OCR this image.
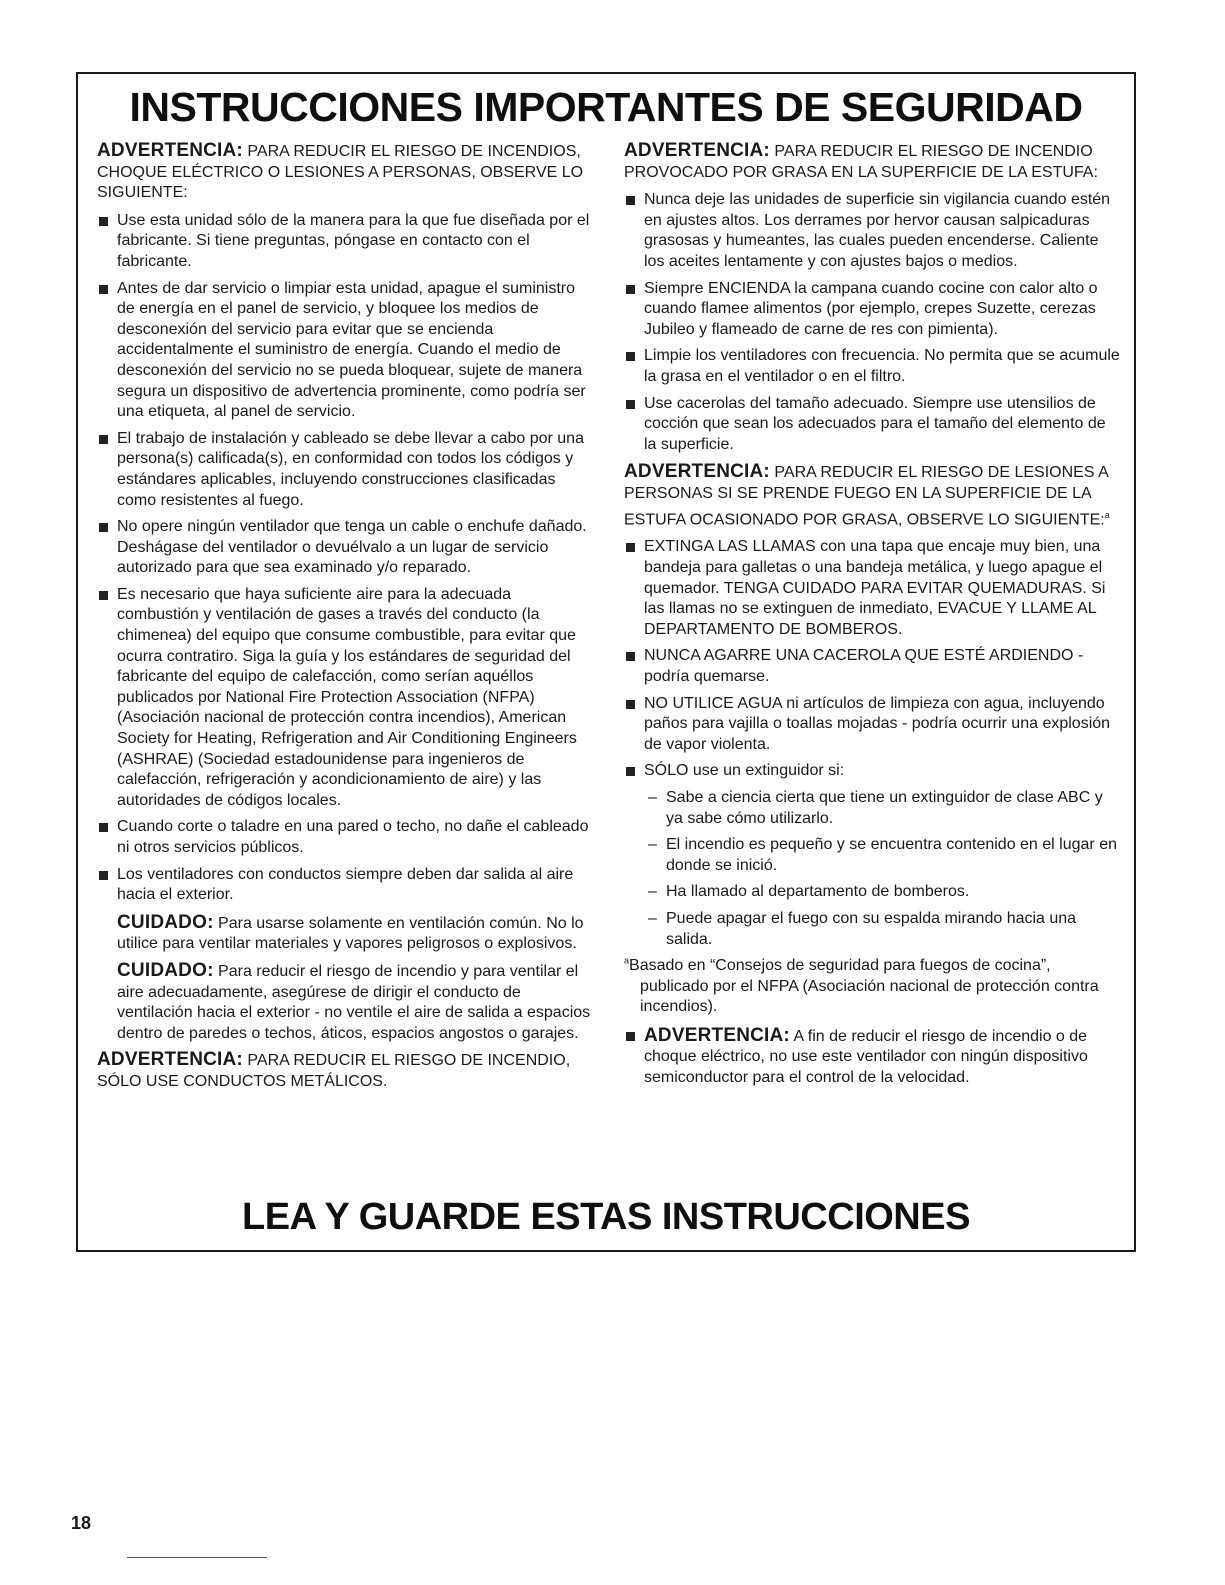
INSTRUCCIONES IMPORTANTES DE SEGURIDAD

ADVERTENCIA: PARA REDUCIR EL RIESGO DE INCENDIOS, CHOQUE ELÉCTRICO O LESIONES A PERSONAS, OBSERVE LO SIGUIENTE:

Use esta unidad sólo de la manera para la que fue diseñada por el fabricante. Si tiene preguntas, póngase en contacto con el fabricante.
Antes de dar servicio o limpiar esta unidad, apague el suministro de energía en el panel de servicio, y bloquee los medios de desconexión del servicio para evitar que se encienda accidentalmente el suministro de energía. Cuando el medio de desconexión del servicio no se pueda bloquear, sujete de manera segura un dispositivo de advertencia prominente, como podría ser una etiqueta, al panel de servicio.
El trabajo de instalación y cableado se debe llevar a cabo por una persona(s) calificada(s), en conformidad con todos los códigos y estándares aplicables, incluyendo construcciones clasificadas como resistentes al fuego.
No opere ningún ventilador que tenga un cable o enchufe dañado. Deshágase del ventilador o devuélvalo a un lugar de servicio autorizado para que sea examinado y/o reparado.
Es necesario que haya suficiente aire para la adecuada combustión y ventilación de gases a través del conducto (la chimenea) del equipo que consume combustible, para evitar que ocurra contratiro. Siga la guía y los estándares de seguridad del fabricante del equipo de calefacción, como serían aquéllos publicados por National Fire Protection Association (NFPA) (Asociación nacional de protección contra incendios), American Society for Heating, Refrigeration and Air Conditioning Engineers (ASHRAE) (Sociedad estadounidense para ingenieros de calefacción, refrigeración y acondicionamiento de aire) y las autoridades de códigos locales.
Cuando corte o taladre en una pared o techo, no dañe el cableado ni otros servicios públicos.
Los ventiladores con conductos siempre deben dar salida al aire hacia el exterior.

CUIDADO: Para usarse solamente en ventilación común. No lo utilice para ventilar materiales y vapores peligrosos o explosivos.

CUIDADO: Para reducir el riesgo de incendio y para ventilar el aire adecuadamente, asegúrese de dirigir el conducto de ventilación hacia el exterior - no ventile el aire de salida a espacios dentro de paredes o techos, áticos, espacios angostos o garajes.

ADVERTENCIA: PARA REDUCIR EL RIESGO DE INCENDIO, SÓLO USE CONDUCTOS METÁLICOS.

ADVERTENCIA: PARA REDUCIR EL RIESGO DE INCENDIO PROVOCADO POR GRASA EN LA SUPERFICIE DE LA ESTUFA:

Nunca deje las unidades de superficie sin vigilancia cuando estén en ajustes altos. Los derrames por hervor causan salpicaduras grasosas y humeantes, las cuales pueden encenderse. Caliente los aceites lentamente y con ajustes bajos o medios.
Siempre ENCIENDA la campana cuando cocine con calor alto o cuando flamee alimentos (por ejemplo, crepes Suzette, cerezas Jubileo y flameado de carne de res con pimienta).
Limpie los ventiladores con frecuencia. No permita que se acumule la grasa en el ventilador o en el filtro.
Use cacerolas del tamaño adecuado. Siempre use utensilios de cocción que sean los adecuados para el tamaño del elemento de la superficie.

ADVERTENCIA: PARA REDUCIR EL RIESGO DE LESIONES A PERSONAS SI SE PRENDE FUEGO EN LA SUPERFICIE DE LA ESTUFA OCASIONADO POR GRASA, OBSERVE LO SIGUIENTE:$^a$

EXTINGA LAS LLAMAS con una tapa que encaje muy bien, una bandeja para galletas o una bandeja metálica, y luego apague el quemador. TENGA CUIDADO PARA EVITAR QUEMADURAS. Si las llamas no se extinguen de inmediato, EVACUE Y LLAME AL DEPARTAMENTO DE BOMBEROS.
NUNCA AGARRE UNA CACEROLA QUE ESTÉ ARDIENDO - podría quemarse.
NO UTILICE AGUA ni artículos de limpieza con agua, incluyendo paños para vajilla o toallas mojadas - podría ocurrir una explosión de vapor violenta.
SÓLO use un extinguidor si:
– Sabe a ciencia cierta que tiene un extinguidor de clase ABC y ya sabe cómo utilizarlo.
– El incendio es pequeño y se encuentra contenido en el lugar en donde se inició.
– Ha llamado al departamento de bomberos.
– Puede apagar el fuego con su espalda mirando hacia una salida.

$^a$Basado en “Consejos de seguridad para fuegos de cocina”, publicado por el NFPA (Asociación nacional de protección contra incendios).

ADVERTENCIA: A fin de reducir el riesgo de incendio o de choque eléctrico, no use este ventilador con ningún dispositivo semiconductor para el control de la velocidad.
LEA Y GUARDE ESTAS INSTRUCCIONES
18
